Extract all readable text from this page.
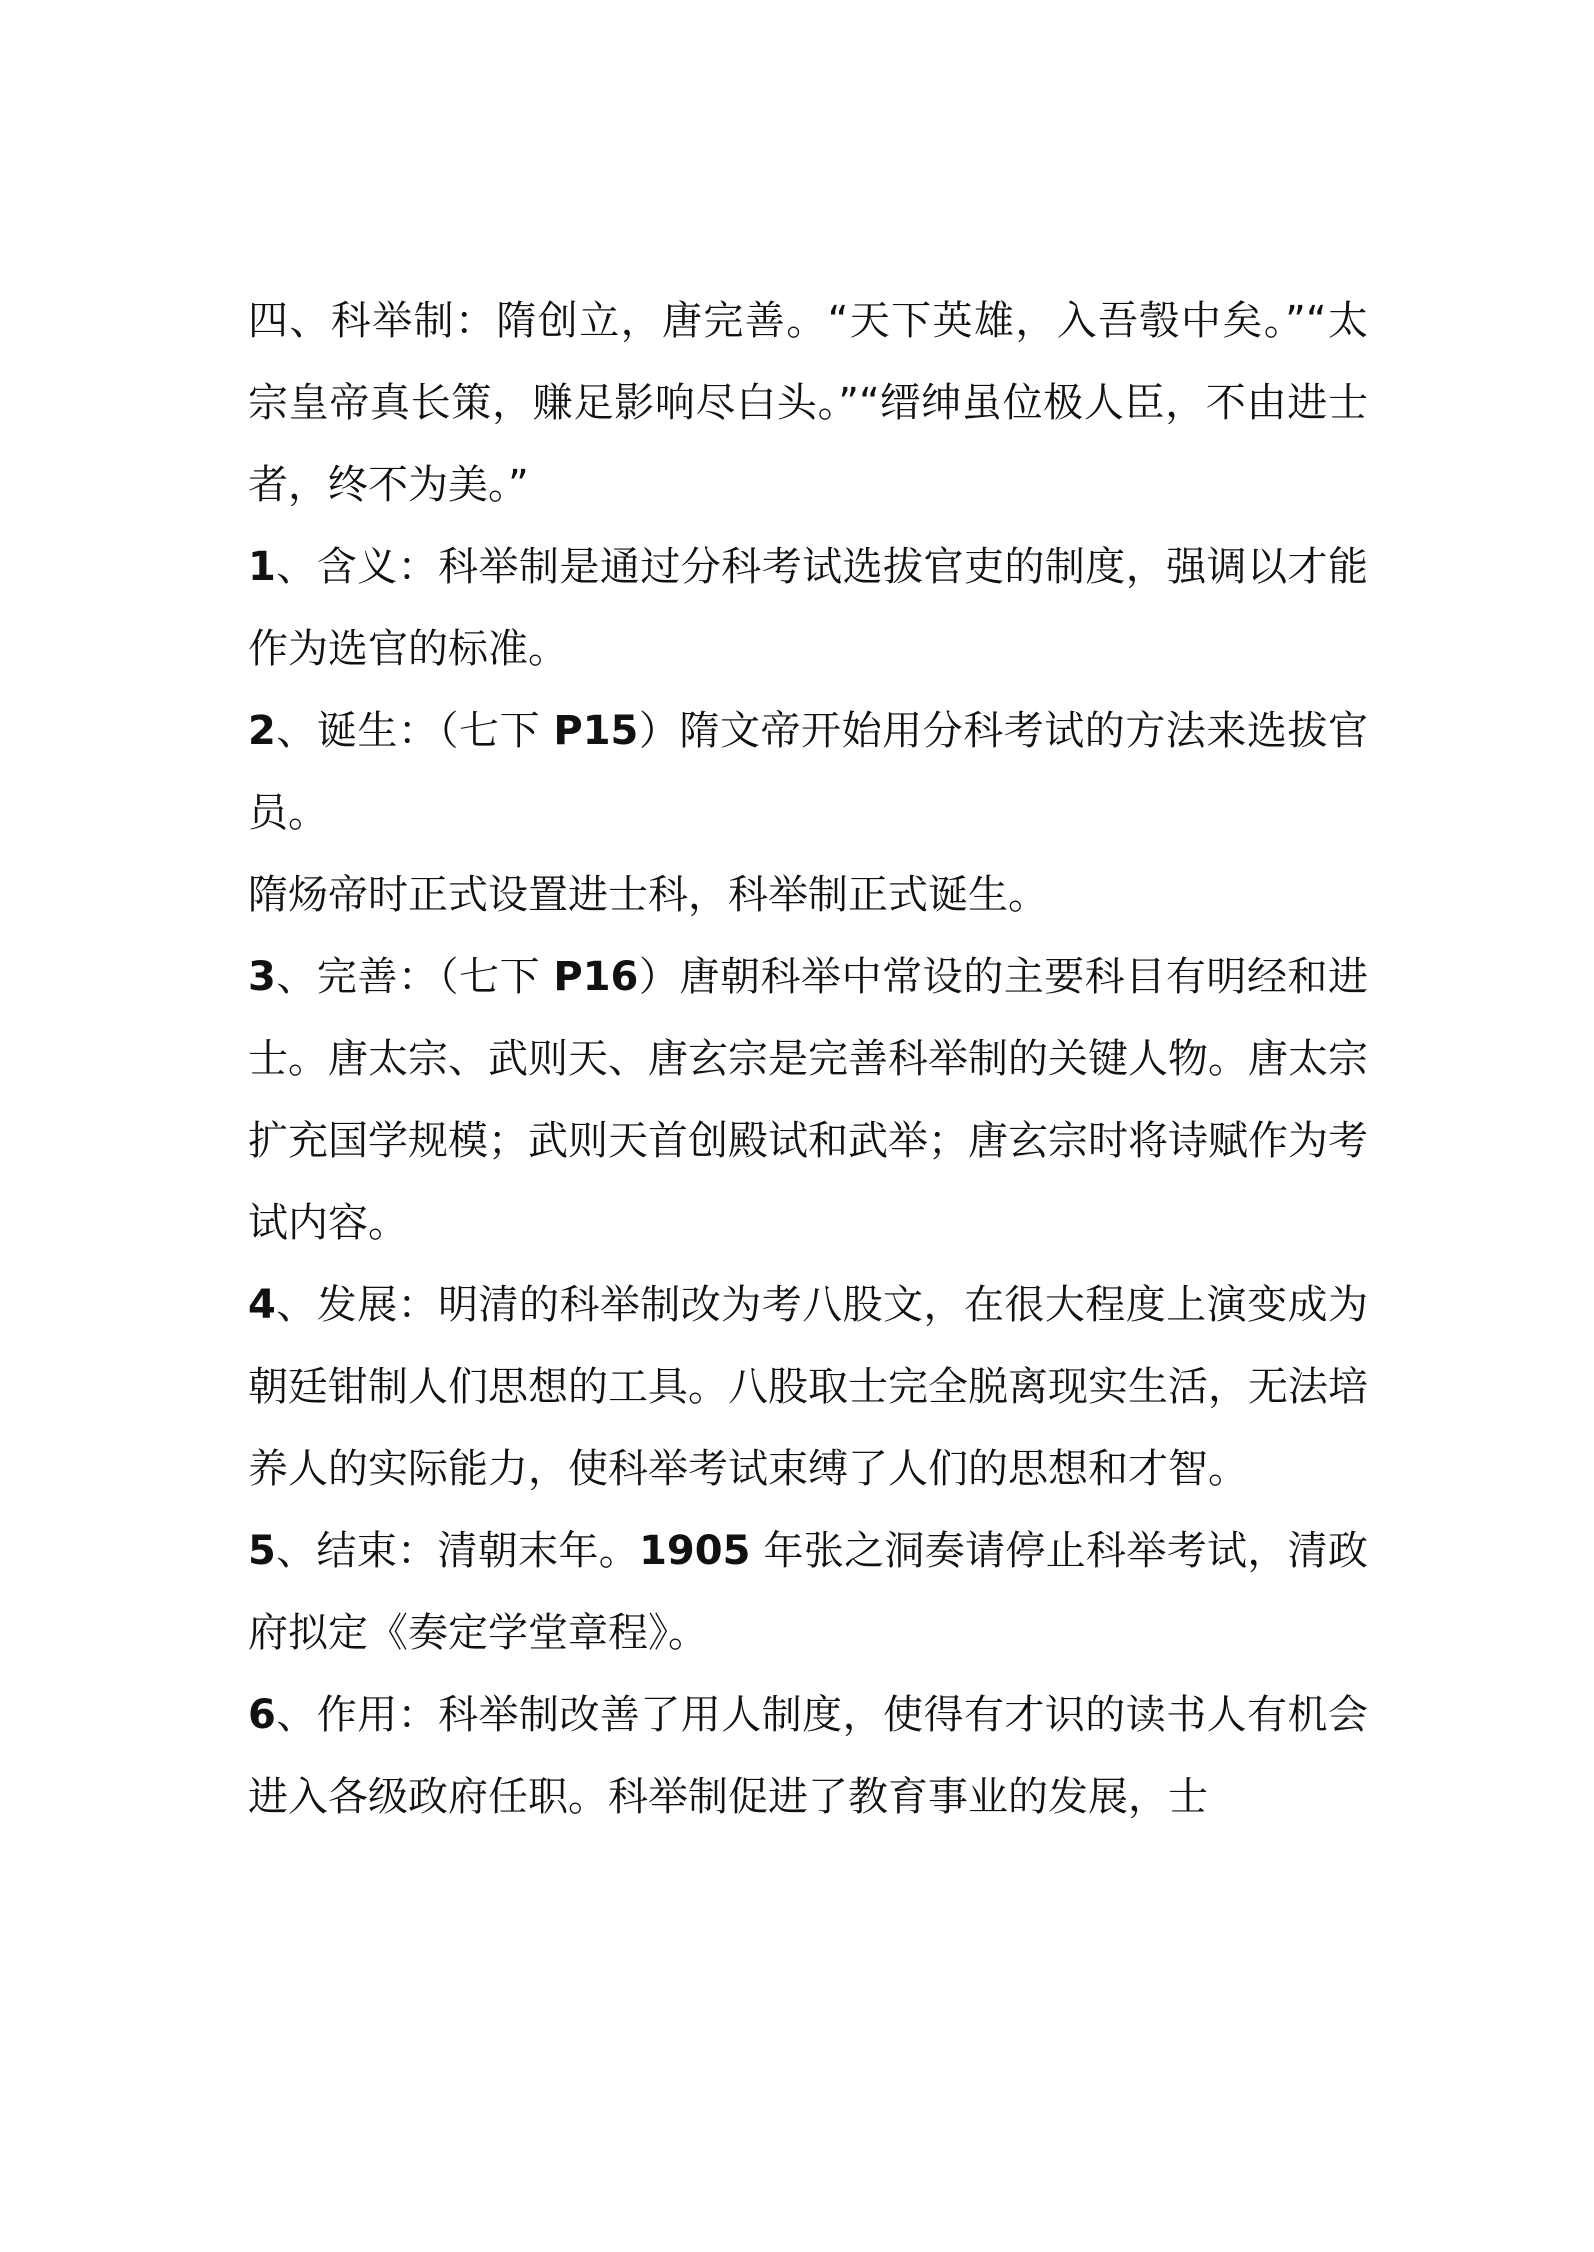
四、科举制：隋创立，唐完善。“天下英雄，入吾彀中矣。”“太宗皇帝真长策，赚足影响尽白头。”“缙绅虽位极人臣，不由进士者，终不为美。”

1、含义：科举制是通过分科考试选拔官吏的制度，强调以才能作为选官的标准。

2、诞生：（七下 P15）隋文帝开始用分科考试的方法来选拔官员。

隋炀帝时正式设置进士科，科举制正式诞生。

3、完善：（七下 P16）唐朝科举中常设的主要科目有明经和进士。唐太宗、武则天、唐玄宗是完善科举制的关键人物。唐太宗扩充国学规模；武则天首创殿试和武举；唐玄宗时将诗赋作为考试内容。

4、发展：明清的科举制改为考八股文，在很大程度上演变成为朝廷钳制人们思想的工具。八股取士完全脱离现实生活，无法培养人的实际能力，使科举考试束缚了人们的思想和才智。

5、结束：清朝末年。1905 年张之洞奏请停止科举考试，清政府拟定《奏定学堂章程》。

6、作用：科举制改善了用人制度，使得有才识的读书人有机会进入各级政府任职。科举制促进了教育事业的发展，士
